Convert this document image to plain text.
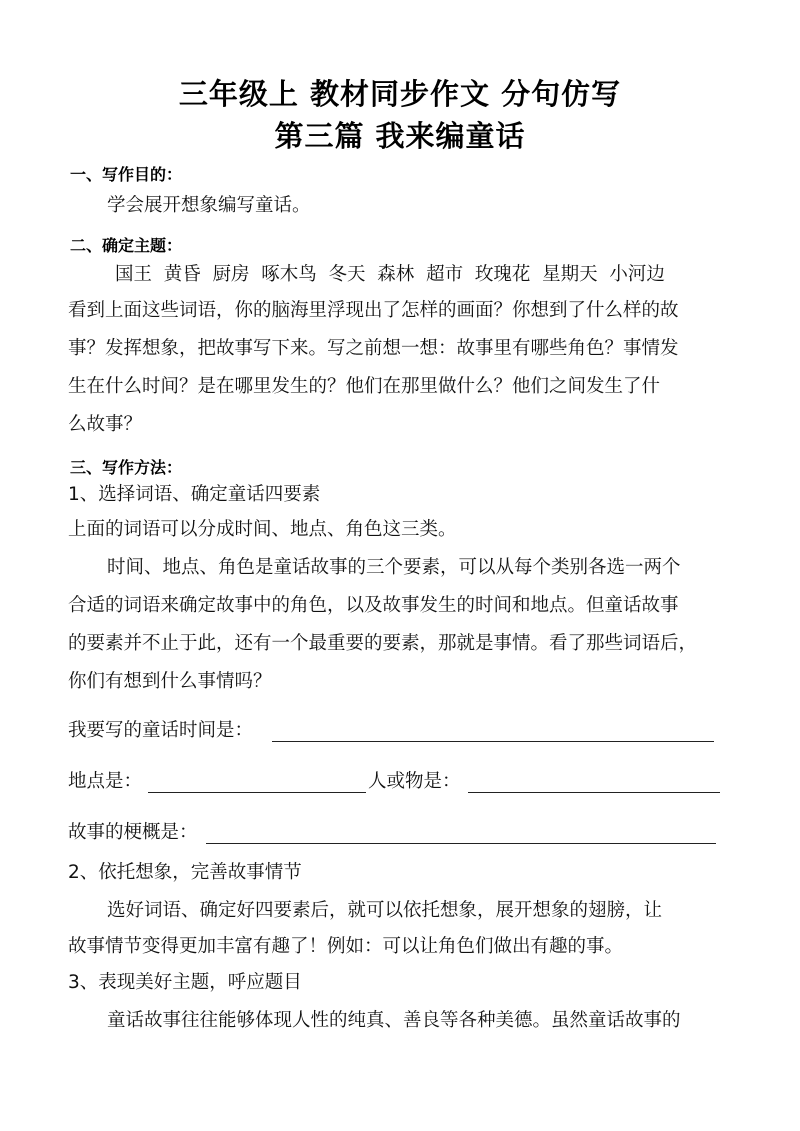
三年级上 教材同步作文 分句仿写
第三篇 我来编童话
一、写作目的：
学会展开想象编写童话。
二、确定主题：
国王  黄昏  厨房  啄木鸟  冬天  森林  超市  玫瑰花  星期天  小河边
看到上面这些词语，你的脑海里浮现出了怎样的画面？你想到了什么样的故
事？发挥想象，把故事写下来。写之前想一想：故事里有哪些角色？事情发
生在什么时间？是在哪里发生的？他们在那里做什么？他们之间发生了什
么故事？
三、写作方法：
1、选择词语、确定童话四要素
上面的词语可以分成时间、地点、角色这三类。
时间、地点、角色是童话故事的三个要素，可以从每个类别各选一两个
合适的词语来确定故事中的角色，以及故事发生的时间和地点。但童话故事
的要素并不止于此，还有一个最重要的要素，那就是事情。看了那些词语后，
你们有想到什么事情吗？
我要写的童话时间是：
地点是：	人或物是：
故事的梗概是：
2、依托想象，完善故事情节
选好词语、确定好四要素后，就可以依托想象，展开想象的翅膀，让
故事情节变得更加丰富有趣了！例如：可以让角色们做出有趣的事。
3、表现美好主题，呼应题目
童话故事往往能够体现人性的纯真、善良等各种美德。虽然童话故事的
